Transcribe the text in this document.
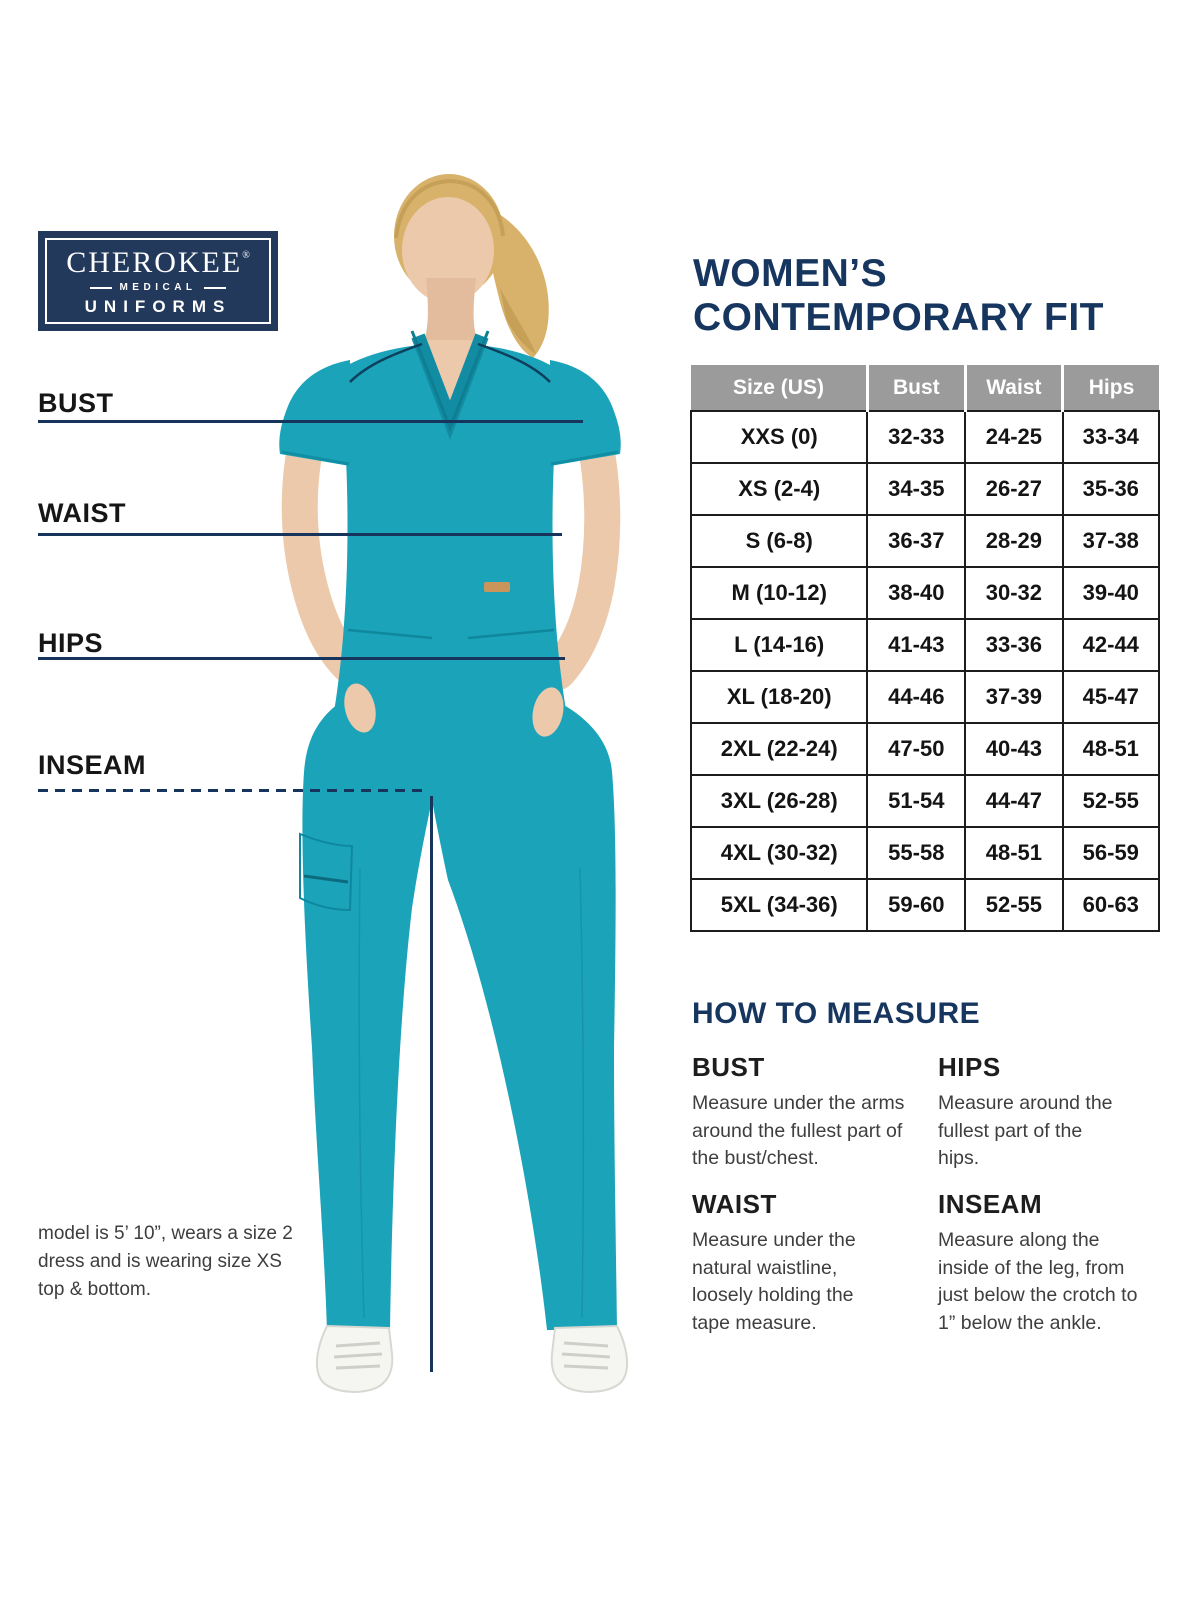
CHEROKEE®
MEDICAL
UNIFORMS
BUST
WAIST
HIPS
INSEAM
WOMEN’S
CONTEMPORARY FIT
Size (US)	Bust	Waist	Hips
XXS (0)	32-33	24-25	33-34
XS (2-4)	34-35	26-27	35-36
S (6-8)	36-37	28-29	37-38
M (10-12)	38-40	30-32	39-40
L (14-16)	41-43	33-36	42-44
XL (18-20)	44-46	37-39	45-47
2XL (22-24)	47-50	40-43	48-51
3XL (26-28)	51-54	44-47	52-55
4XL (30-32)	55-58	48-51	56-59
5XL (34-36)	59-60	52-55	60-63
HOW TO MEASURE
BUST

Measure under the arms around the fullest part of the bust/chest.

HIPS

Measure around the fullest part of the hips.

WAIST

Measure under the natural waistline, loosely holding the tape measure.

INSEAM

Measure along the inside of the leg, from just below the crotch to 1” below the ankle.

model is 5’ 10”, wears a size 2 dress and is wearing size XS top & bottom.
